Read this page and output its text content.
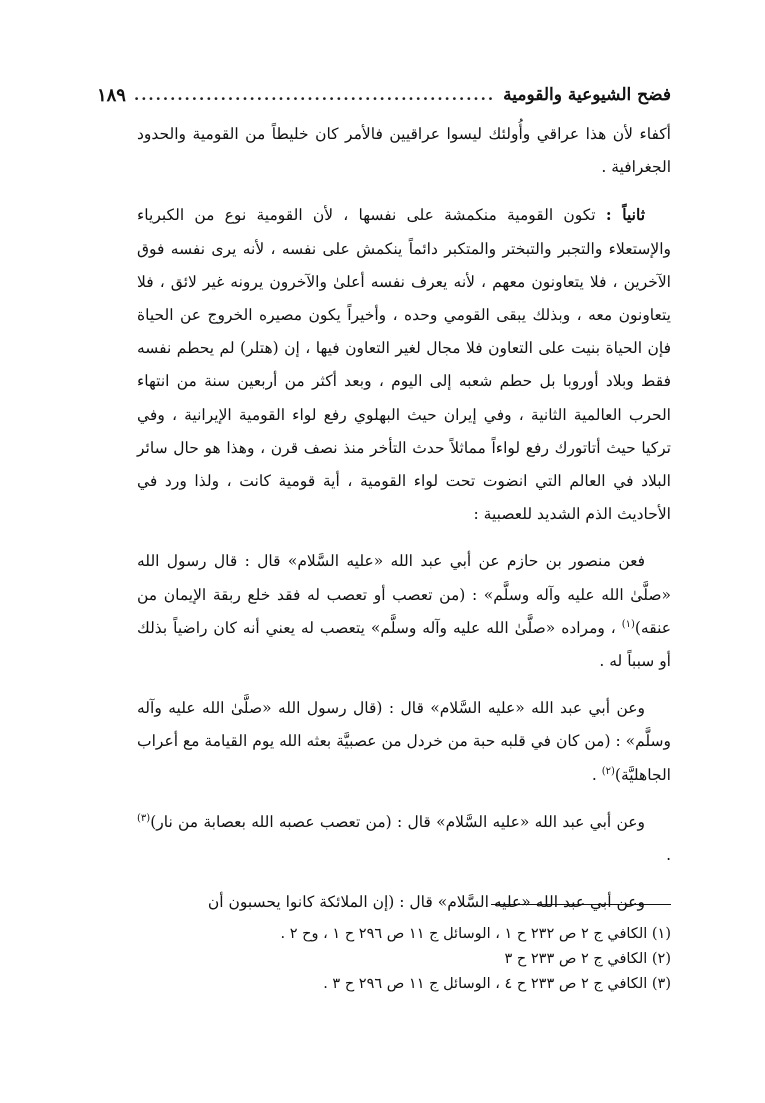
فضح الشيوعية والقومية
..................................................
١٨٩

أكفاء لأن هذا عراقي وأُولئك ليسوا عراقيين فالأمر كان خليطاً من القومية والحدود الجغرافية .

ثانياً : تكون القومية منكمشة على نفسها ، لأن القومية نوع من الكبرياء والإستعلاء والتجبر والتبختر والمتكبر دائماً ينكمش على نفسه ، لأنه يرى نفسه فوق الآخرين ، فلا يتعاونون معهم ، لأنه يعرف نفسه أعلىٰ والآخرون يرونه غير لائق ، فلا يتعاونون معه ، وبذلك يبقى القومي وحده ، وأخيراً يكون مصيره الخروج عن الحياة فإن الحياة بنيت على التعاون فلا مجال لغير التعاون فيها ، إن (هتلر) لم يحطم نفسه فقط وبلاد أوروبا بل حطم شعبه إلى اليوم ، وبعد أكثر من أربعين سنة من انتهاء الحرب العالمية الثانية ، وفي إيران حيث البهلوي رفع لواء القومية الإيرانية ، وفي تركيا حيث أتاتورك رفع لواءاً مماثلاً حدث التأخر منذ نصف قرن ، وهذا هو حال سائر البلاد في العالم التي انضوت تحت لواء القومية ، أية قومية كانت ، ولذا ورد في الأحاديث الذم الشديد للعصبية :

فعن منصور بن حازم عن أبي عبد الله «عليه السَّلام» قال : قال رسول الله «صلَّىٰ الله عليه وآله وسلَّم» : (من تعصب أو تعصب له فقد خلع ربقة الإيمان من عنقه)$^{(١)}$ ، ومراده «صلَّىٰ الله عليه وآله وسلَّم» يتعصب له يعني أنه كان راضياً بذلك أو سبباً له .

وعن أبي عبد الله «عليه السَّلام» قال : (قال رسول الله «صلَّىٰ الله عليه وآله وسلَّم» : (من كان في قلبه حبة من خردل من عصبيَّة بعثه الله يوم القيامة مع أعراب الجاهليَّة)$^{(٢)}$ .

وعن أبي عبد الله «عليه السَّلام» قال : (من تعصب عصبه الله بعصابة من نار)$^{(٣)}$ .

وعن أبي عبد الله «عليه السَّلام» قال : (إن الملائكة كانوا يحسبون أن

(١) الكافي ج ٢ ص ٢٣٢ ح ١ ، الوسائل ج ١١ ص ٢٩٦ ح ١ ، وح ٢ .

(٢) الكافي ج ٢ ص ٢٣٣ ح ٣

(٣) الكافي ج ٢ ص ٢٣٣ ح ٤ ، الوسائل ج ١١ ص ٢٩٦ ح ٣ .
